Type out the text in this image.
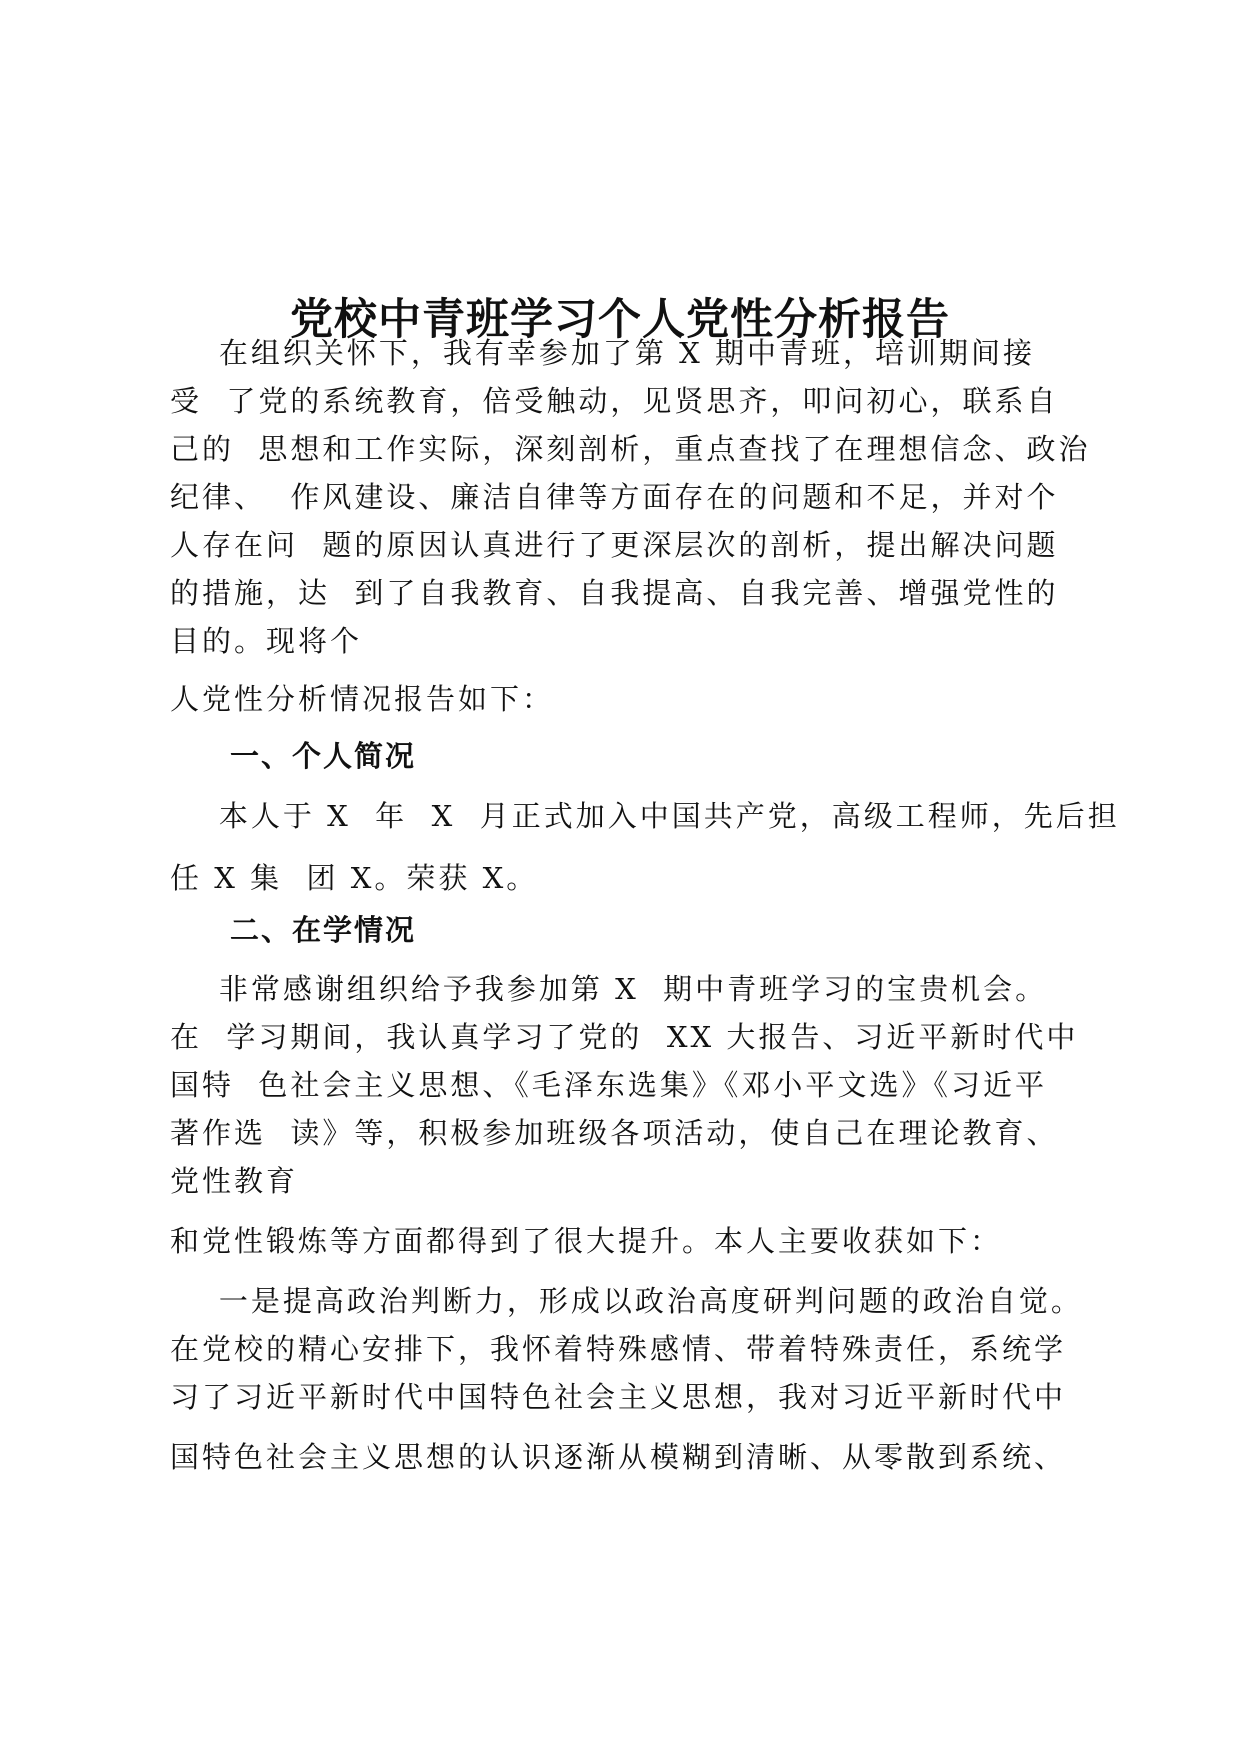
党校中青班学习个人党性分析报告

在组织关怀下，我有幸参加了第 X 期中青班，培训期间接

受  了党的系统教育，倍受触动，见贤思齐，叩问初心，联系自

己的  思想和工作实际，深刻剖析，重点查找了在理想信念、政治

纪律、  作风建设、廉洁自律等方面存在的问题和不足，并对个

人存在问  题的原因认真进行了更深层次的剖析，提出解决问题

的措施，达  到了自我教育、自我提高、自我完善、增强党性的

目的。现将个

人党性分析情况报告如下：

一、个人简况

本人于 X  年  X  月正式加入中国共产党，高级工程师，先后担

任 X 集  团 X。荣获 X。

二、在学情况

非常感谢组织给予我参加第 X  期中青班学习的宝贵机会。

在  学习期间，我认真学习了党的  XX 大报告、习近平新时代中

国特  色社会主义思想、《毛泽东选集》《邓小平文选》《习近平

著作选  读》等，积极参加班级各项活动，使自己在理论教育、

党性教育

和党性锻炼等方面都得到了很大提升。本人主要收获如下：

一是提高政治判断力，形成以政治高度研判问题的政治自觉。

在党校的精心安排下，我怀着特殊感情、带着特殊责任，系统学

习了习近平新时代中国特色社会主义思想，我对习近平新时代中

国特色社会主义思想的认识逐渐从模糊到清晰、从零散到系统、
